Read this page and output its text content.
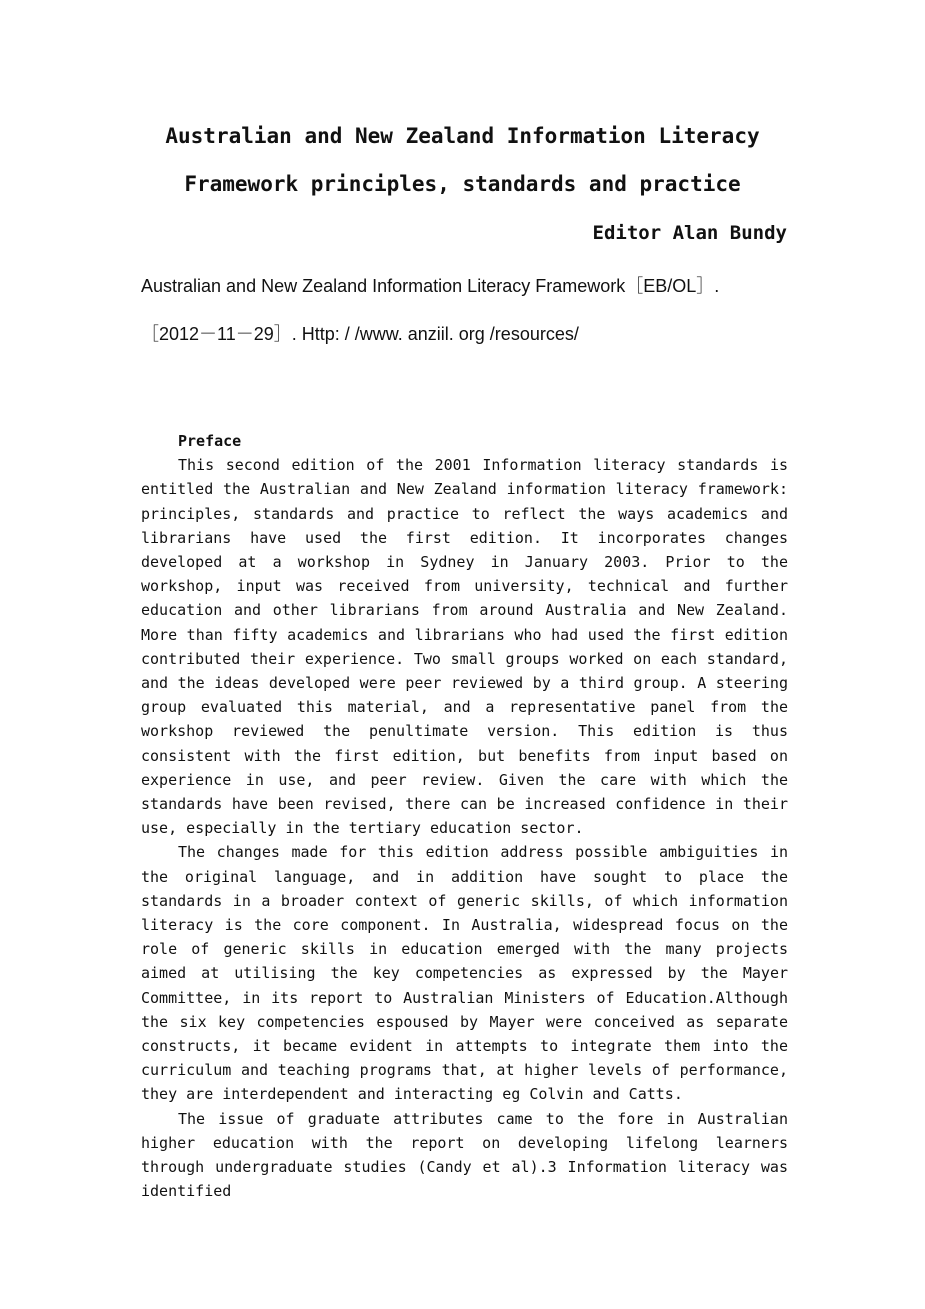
Australian and New Zealand Information Literacy
Framework principles, standards and practice
Editor Alan Bundy
Australian and New Zealand Information Literacy Framework［EB/OL］.
［2012－11－29］. Http: / /www. anziil. org /resources/
Preface

This second edition of the 2001 Information literacy standards is entitled the Australian and New Zealand information literacy framework: principles, standards and practice to reflect the ways academics and librarians have used the first edition. It incorporates changes developed at a workshop in Sydney in January 2003. Prior to the workshop, input was received from university, technical and further education and other librarians from around Australia and New Zealand. More than fifty academics and librarians who had used the first edition contributed their experience. Two small groups worked on each standard, and the ideas developed were peer reviewed by a third group. A steering group evaluated this material, and a representative panel from the workshop reviewed the penultimate version. This edition is thus consistent with the first edition, but benefits from input based on experience in use, and peer review. Given the care with which the standards have been revised, there can be increased confidence in their use, especially in the tertiary education sector.

The changes made for this edition address possible ambiguities in the original language, and in addition have sought to place the standards in a broader context of generic skills, of which information literacy is the core component. In Australia, widespread focus on the role of generic skills in education emerged with the many projects aimed at utilising the key competencies as expressed by the Mayer Committee, in its report to Australian Ministers of Education.Although the six key competencies espoused by Mayer were conceived as separate constructs, it became evident in attempts to integrate them into the curriculum and teaching programs that, at higher levels of performance, they are interdependent and interacting eg Colvin and Catts.

The issue of graduate attributes came to the fore in Australian higher education with the report on developing lifelong learners through undergraduate studies (Candy et al).3 Information literacy was identified
